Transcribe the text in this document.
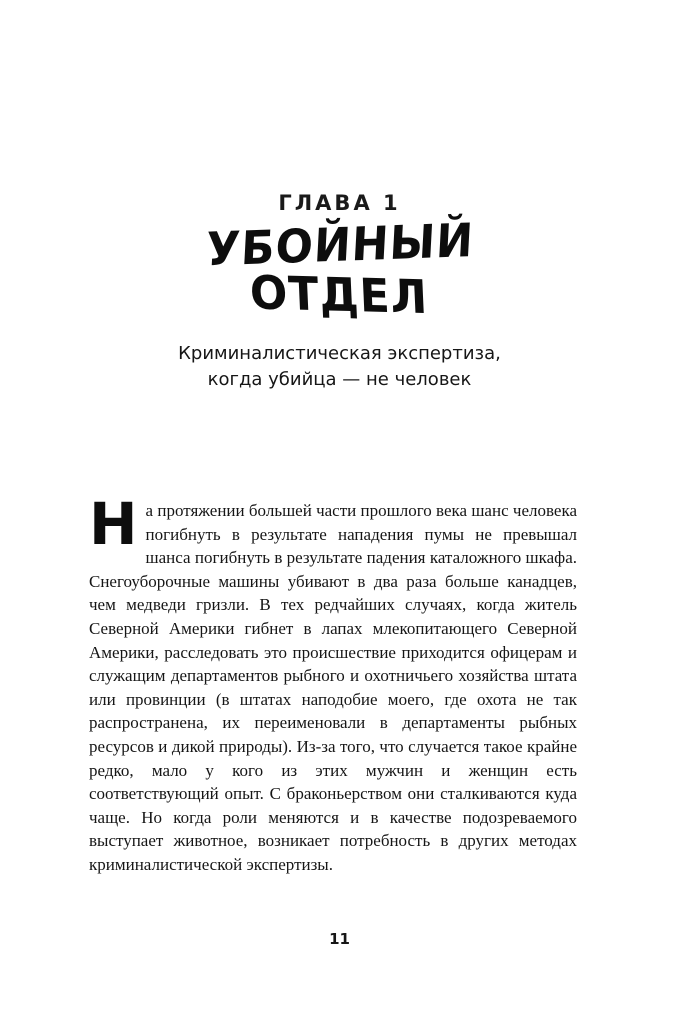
ГЛАВА 1
УБОЙНЫЙ
ОТДЕЛ
Криминалистическая экспертиза,
когда убийца — не человек
Н а протяжении большей части прошлого века шанс человека погибнуть в результате нападения пумы не превышал шанса погибнуть в результате падения каталожного шкафа. Снегоуборочные машины убивают в два раза больше канадцев, чем медведи гризли. В тех редчайших случаях, когда житель Северной Америки гибнет в лапах млекопитающего Северной Америки, расследовать это происшествие приходится офицерам и служащим департаментов рыбного и охотничьего хозяйства штата или провинции (в штатах наподобие моего, где охота не так распространена, их переименовали в департаменты рыбных ресурсов и дикой природы). Из-за того, что случается такое крайне редко, мало у кого из этих мужчин и женщин есть соответствующий опыт. С браконьерством они сталкиваются куда чаще. Но когда роли меняются и в качестве подозреваемого выступает животное, возникает потребность в других методах криминалистической экспертизы.
11
